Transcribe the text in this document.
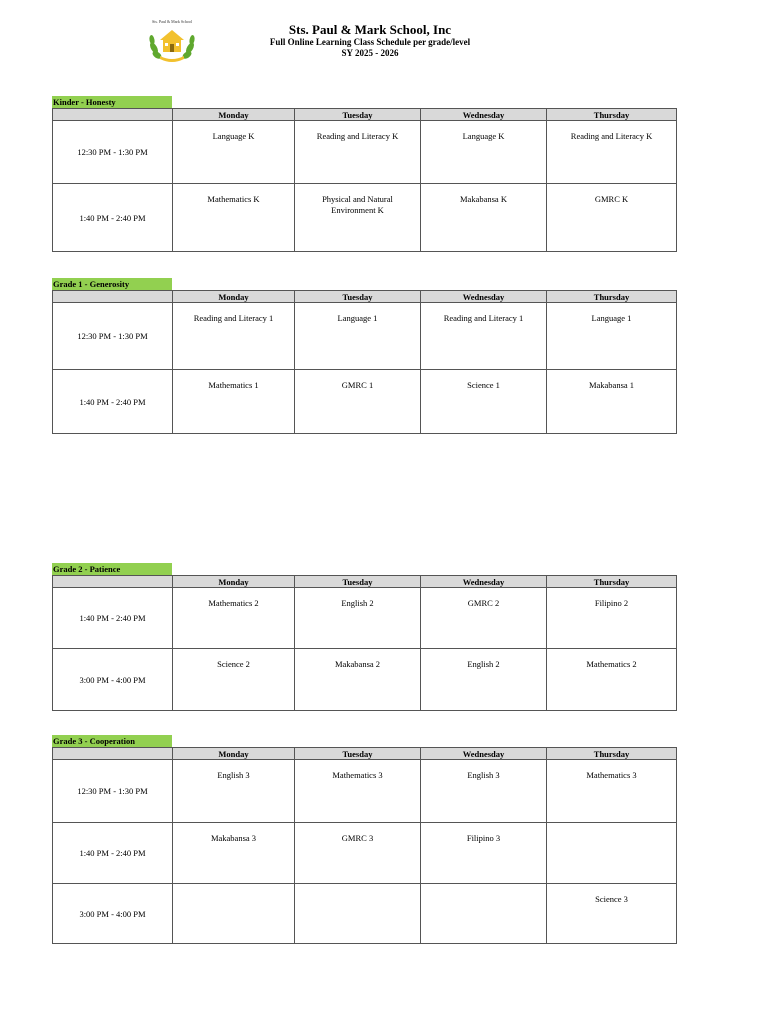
Sts. Paul & Mark School
Sts. Paul & Mark School, Inc
Full Online Learning Class Schedule per grade/level
SY 2025 - 2026
Kinder - Honesty
	Monday	Tuesday	Wednesday	Thursday
12:30 PM - 1:30 PM	Language K	Reading and Literacy K	Language K	Reading and Literacy K
1:40 PM - 2:40 PM	Mathematics K	Physical and Natural Environment K	Makabansa K	GMRC K
Grade 1 - Generosity
	Monday	Tuesday	Wednesday	Thursday
12:30 PM - 1:30 PM	Reading and Literacy 1	Language 1	Reading and Literacy 1	Language 1
1:40 PM - 2:40 PM	Mathematics 1	GMRC 1	Science 1	Makabansa 1
Grade 2 - Patience
	Monday	Tuesday	Wednesday	Thursday
1:40 PM - 2:40 PM	Mathematics 2	English 2	GMRC 2	Filipino 2
3:00 PM - 4:00 PM	Science 2	Makabansa 2	English 2	Mathematics 2
Grade 3 - Cooperation
	Monday	Tuesday	Wednesday	Thursday
12:30 PM - 1:30 PM	English 3	Mathematics 3	English 3	Mathematics 3
1:40 PM - 2:40 PM	Makabansa 3	GMRC 3	Filipino 3	
3:00 PM - 4:00 PM				Science 3
